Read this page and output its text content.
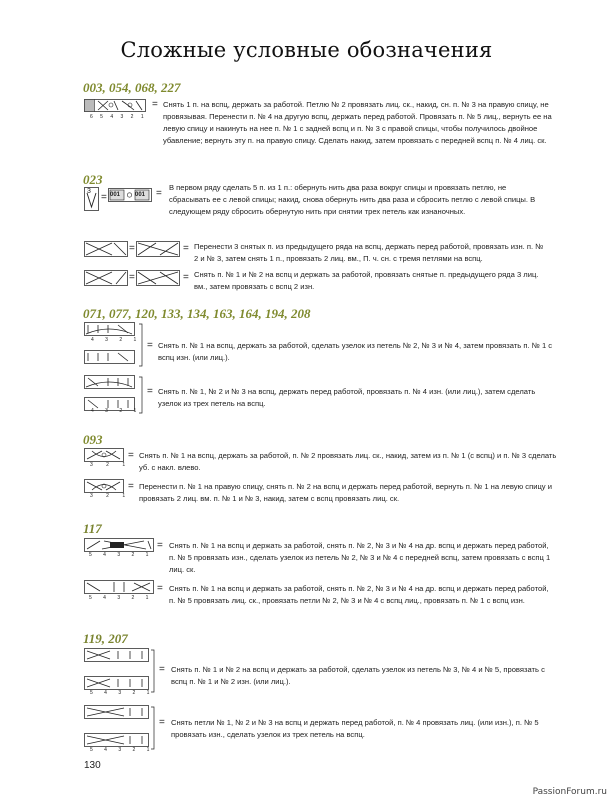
Сложные условные обозначения
003, 054, 068, 227
6 5 4 3 2 1
= Снять 1 п. на вспц, держать за работой. Петлю № 2 провязать лиц. ск., накид, сн. п. № 3 на правую спицу, не провязывая. Перенести п. № 4 на другую вспц, держать перед работой. Провязать п. № 5 лиц., вернуть ее на левую спицу и накинуть на нее п. № 1 с задней вспц и п. № 3 с правой спицы, чтобы получилось двойное убавление; вернуть эту п. на правую спицу. Сделать накид, затем провязать с передней вспц п. № 4 лиц. ск.
023
3
= 001 001 =
В первом ряду сделать 5 п. из 1 п.: обернуть нить два раза вокруг спицы и провязать петлю, не сбрасывать ее с левой спицы; накид, снова обернуть нить два раза и сбросить петлю с левой спицы. В следующем ряду сбросить обернутую нить при снятии трех петель как изнаночных.
=	= Перенести 3 снятых п. из предыдущего ряда на вспц, держать перед работой, провязать изн. п. № 2 и № 3, затем снять 1 п., провязать 2 лиц. вм., П. ч. сн. с тремя петлями на вспц.
=	= Снять п. № 1 и № 2 на вспц и держать за работой, провязать снятые п. предыдущего ряда 3 лиц. вм., затем провязать с вспц 2 изн.
071, 077, 120, 133, 134, 163, 164, 194, 208
4 3 2 1 = Снять п. № 1 на вспц, держать за работой, сделать узелок из петель № 2, № 3 и № 4, затем провязать п. № 1 с вспц изн. (или лиц.).
4 3 2 1
= Снять п. № 1, № 2 и № 3 на вспц, держать перед работой, провязать п. № 4 изн. (или лиц.), затем сделать узелок из трех петель на вспц.
093
3 2 1
= Снять п. № 1 на вспц, держать за работой, п. № 2 провязать лиц. ск., накид, затем из п. № 1 (с вспц) и п. № 3 сделать уб. с накл. влево.
3 2 1
= Перенести п. № 1 на правую спицу, снять п. № 2 на вспц и держать перед работой, вернуть п. № 1 на левую спицу и провязать 2 лиц. вм. п. № 1 и № 3, накид, затем с вспц провязать лиц. ск.
117
5 4 3 2 1
= Снять п. № 1 на вспц и держать за работой, снять п. № 2, № 3 и № 4 на др. вспц и держать перед работой, п. № 5 провязать изн., сделать узелок из петель № 2, № 3 и № 4 с передней вспц, затем провязать с вспц 1 лиц. ск.
5 4 3 2 1
= Снять п. № 1 на вспц и держать за работой, снять п. № 2, № 3 и № 4 на др. вспц и держать перед работой, п. № 5 провязать лиц. ск., провязать петли № 2, № 3 и № 4 с вспц лиц., провязать п. № 1 с вспц изн.
119, 207
5 4 3 2 1
= Снять п. № 1 и № 2 на вспц и держать за работой, сделать узелок из петель № 3, № 4 и № 5, провязать с вспц п. № 1 и № 2 изн. (или лиц.).
5 4 3 2 1
= Снять петли № 1, № 2 и № 3 на вспц и держать перед работой, п. № 4 провязать лиц. (или изн.), п. № 5 провязать изн., сделать узелок из трех петель на вспц.
130
PassionForum.ru
